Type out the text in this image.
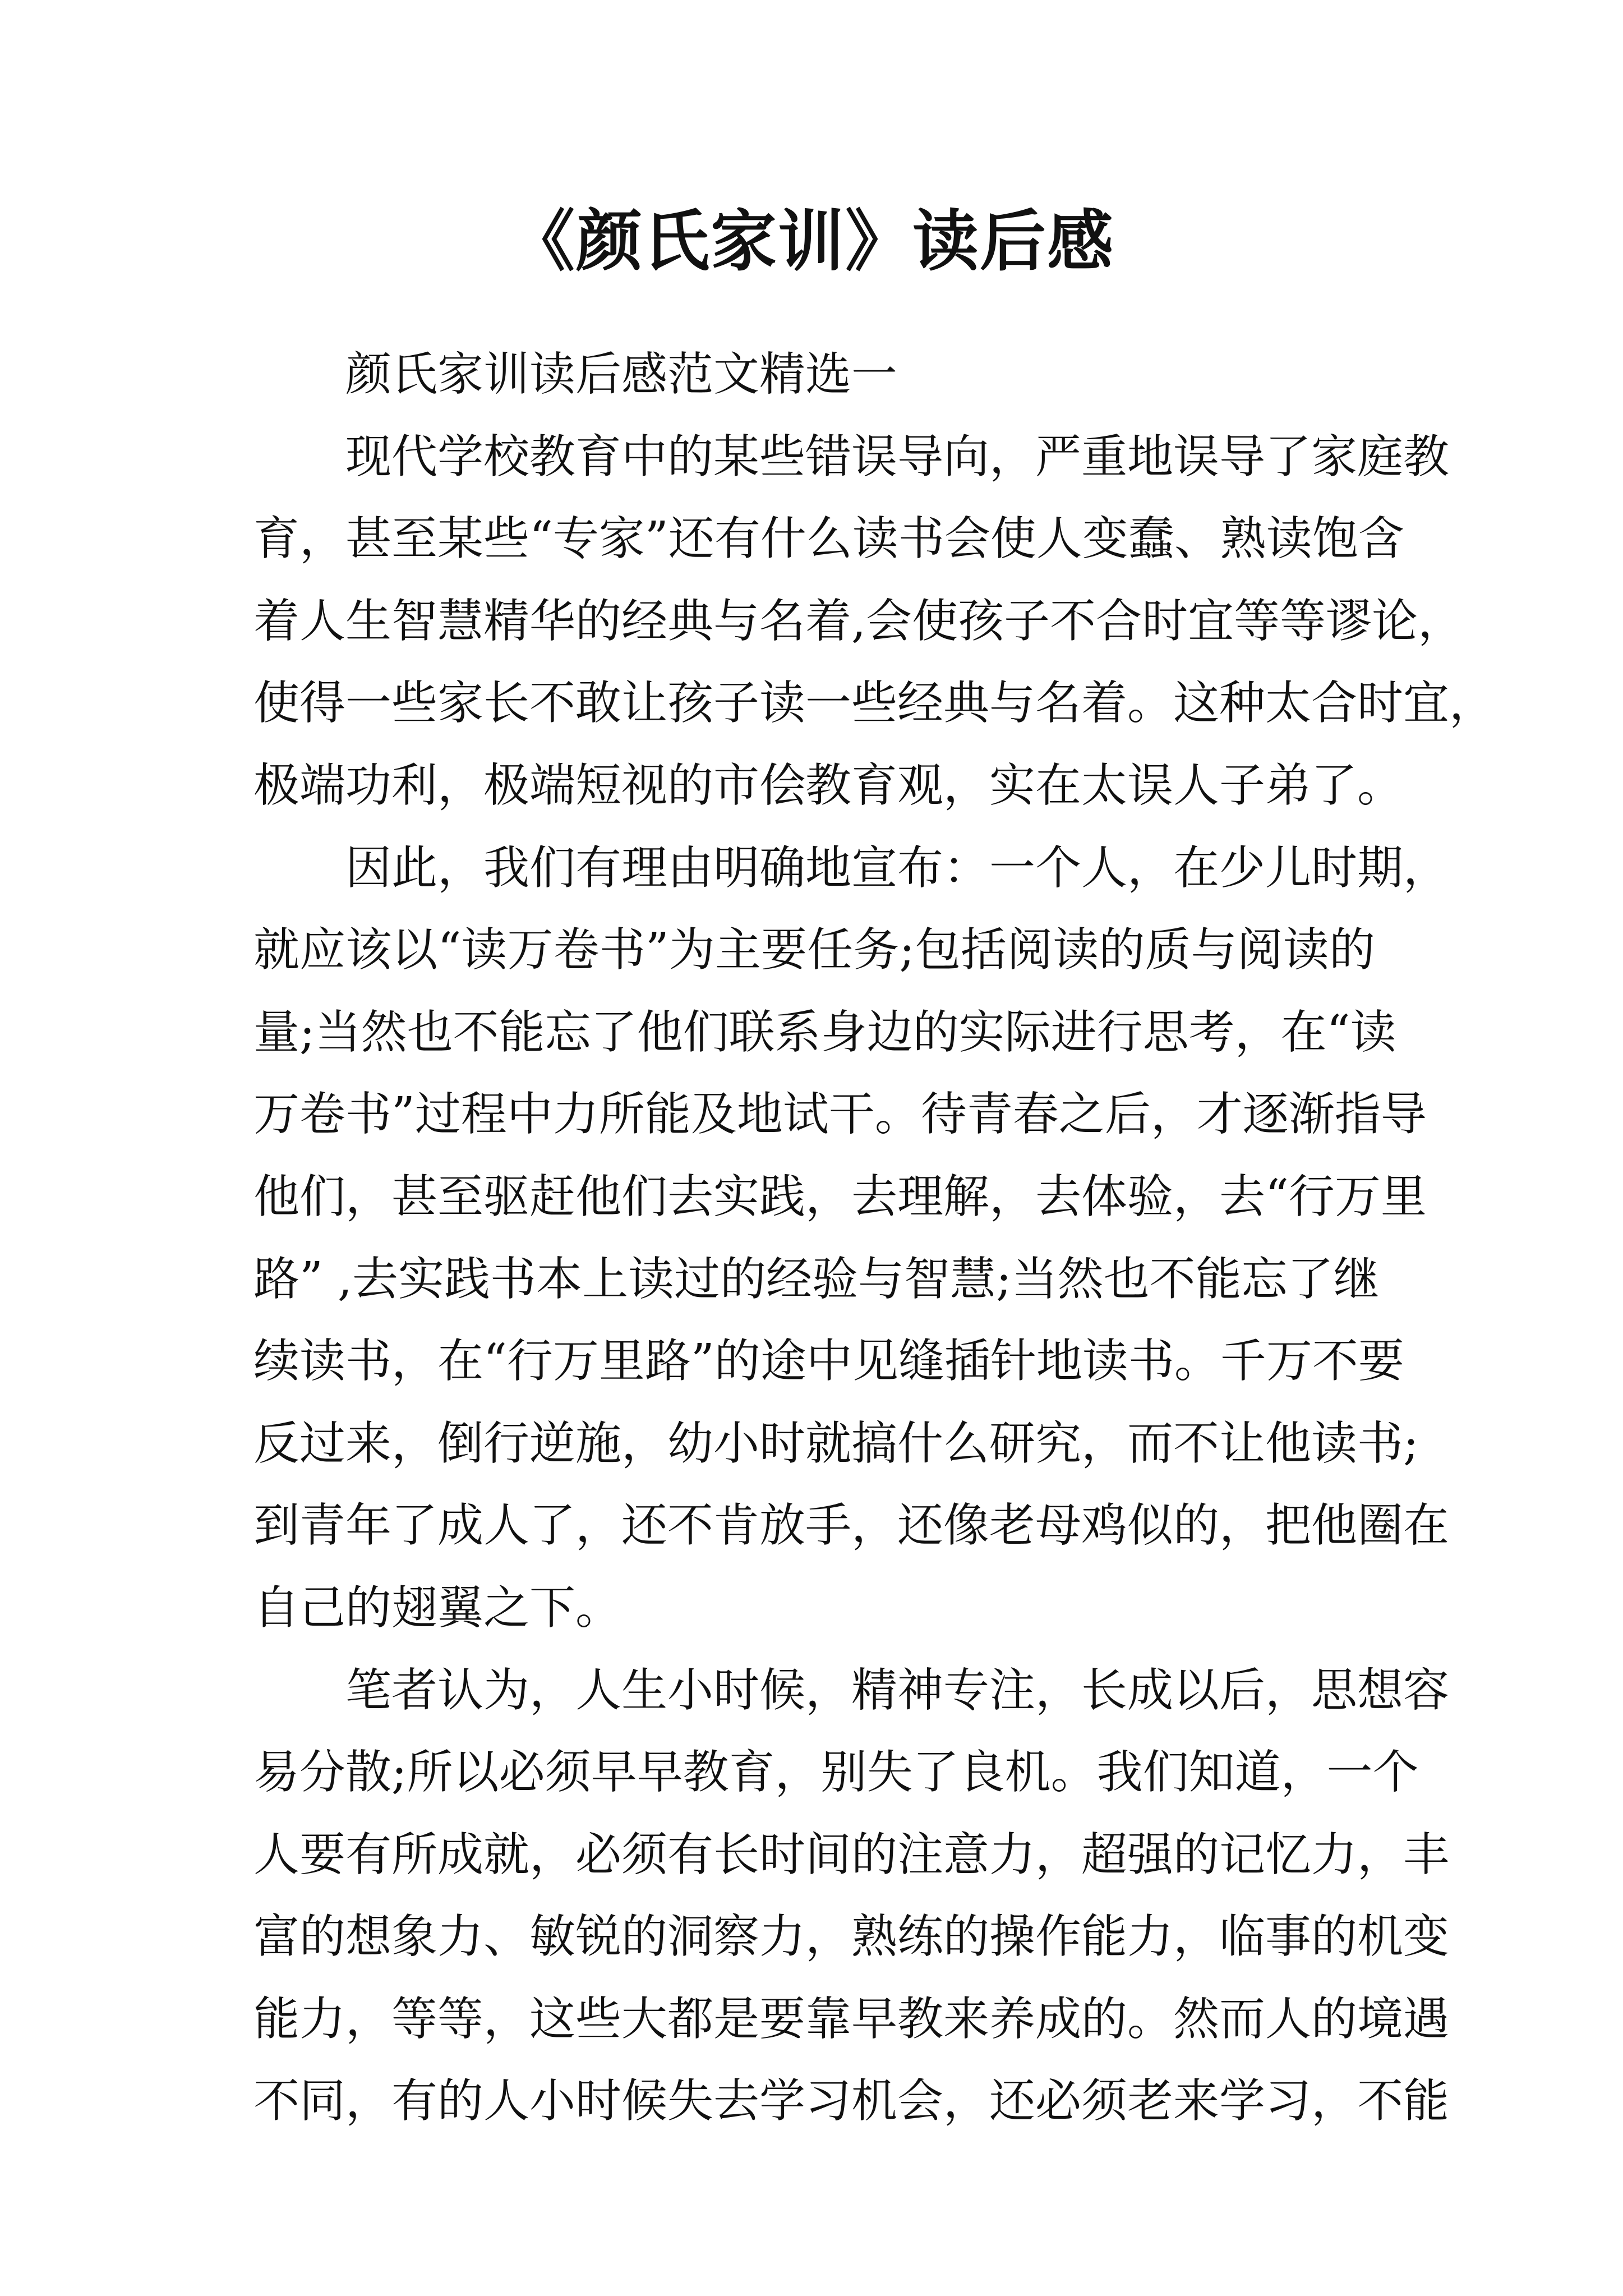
《颜氏家训》读后感
颜氏家训读后感范文精选一
现代学校教育中的某些错误导向，严重地误导了家庭教
育，甚至某些“专家”还有什么读书会使人变蠢、熟读饱含
着人生智慧精华的经典与名着,会使孩子不合时宜等等谬论，
使得一些家长不敢让孩子读一些经典与名着。这种太合时宜，
极端功利，极端短视的市侩教育观，实在太误人子弟了。
因此，我们有理由明确地宣布：一个人，在少儿时期，
就应该以“读万卷书”为主要任务;包括阅读的质与阅读的
量;当然也不能忘了他们联系身边的实际进行思考，在“读
万卷书”过程中力所能及地试干。待青春之后，才逐渐指导
他们，甚至驱赶他们去实践，去理解，去体验，去“行万里
路” ,去实践书本上读过的经验与智慧;当然也不能忘了继
续读书，在“行万里路”的途中见缝插针地读书。千万不要
反过来，倒行逆施，幼小时就搞什么研究，而不让他读书;
到青年了成人了，还不肯放手，还像老母鸡似的，把他圈在
自己的翅翼之下。
笔者认为，人生小时候，精神专注，长成以后，思想容
易分散;所以必须早早教育，别失了良机。我们知道，一个
人要有所成就，必须有长时间的注意力，超强的记忆力，丰
富的想象力、敏锐的洞察力，熟练的操作能力，临事的机变
能力，等等，这些大都是要靠早教来养成的。然而人的境遇
不同，有的人小时候失去学习机会，还必须老来学习，不能
